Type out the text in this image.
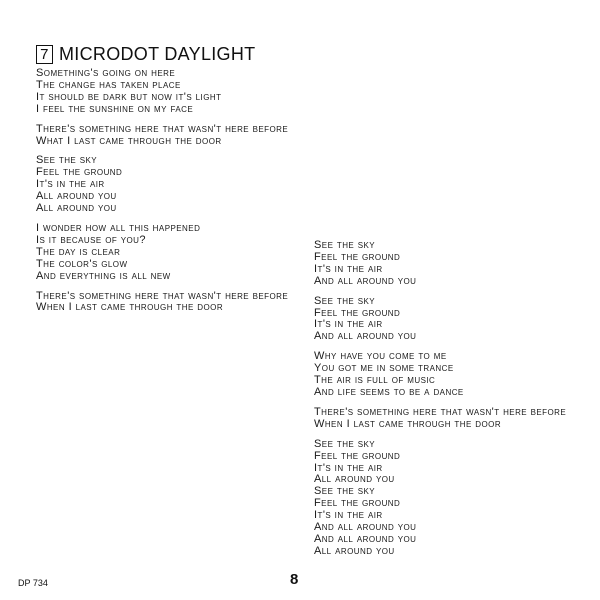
7 MICRODOT DAYLIGHT
Something's going on here
The change has taken place
It should be dark but now it's light
I feel the sunshine on my face
There's something here that wasn't here before
What I last came through the door
See the sky
Feel the ground
It's in the air
All around you
All around you
I wonder how all this happened
Is it because of you?
The day is clear
The color's glow
And everything is all new
There's something here that wasn't here before
When I last came through the door
See the sky
Feel the ground
It's in the air
And all around you
See the sky
Feel the ground
It's in the air
And all around you
Why have you come to me
You got me in some trance
The air is full of music
And life seems to be a dance
There's something here that wasn't here before
When I last came through the door
See the sky
Feel the ground
It's in the air
All around you
See the sky
Feel the ground
It's in the air
And all around you
And all around you
All around you
DP 734	8
